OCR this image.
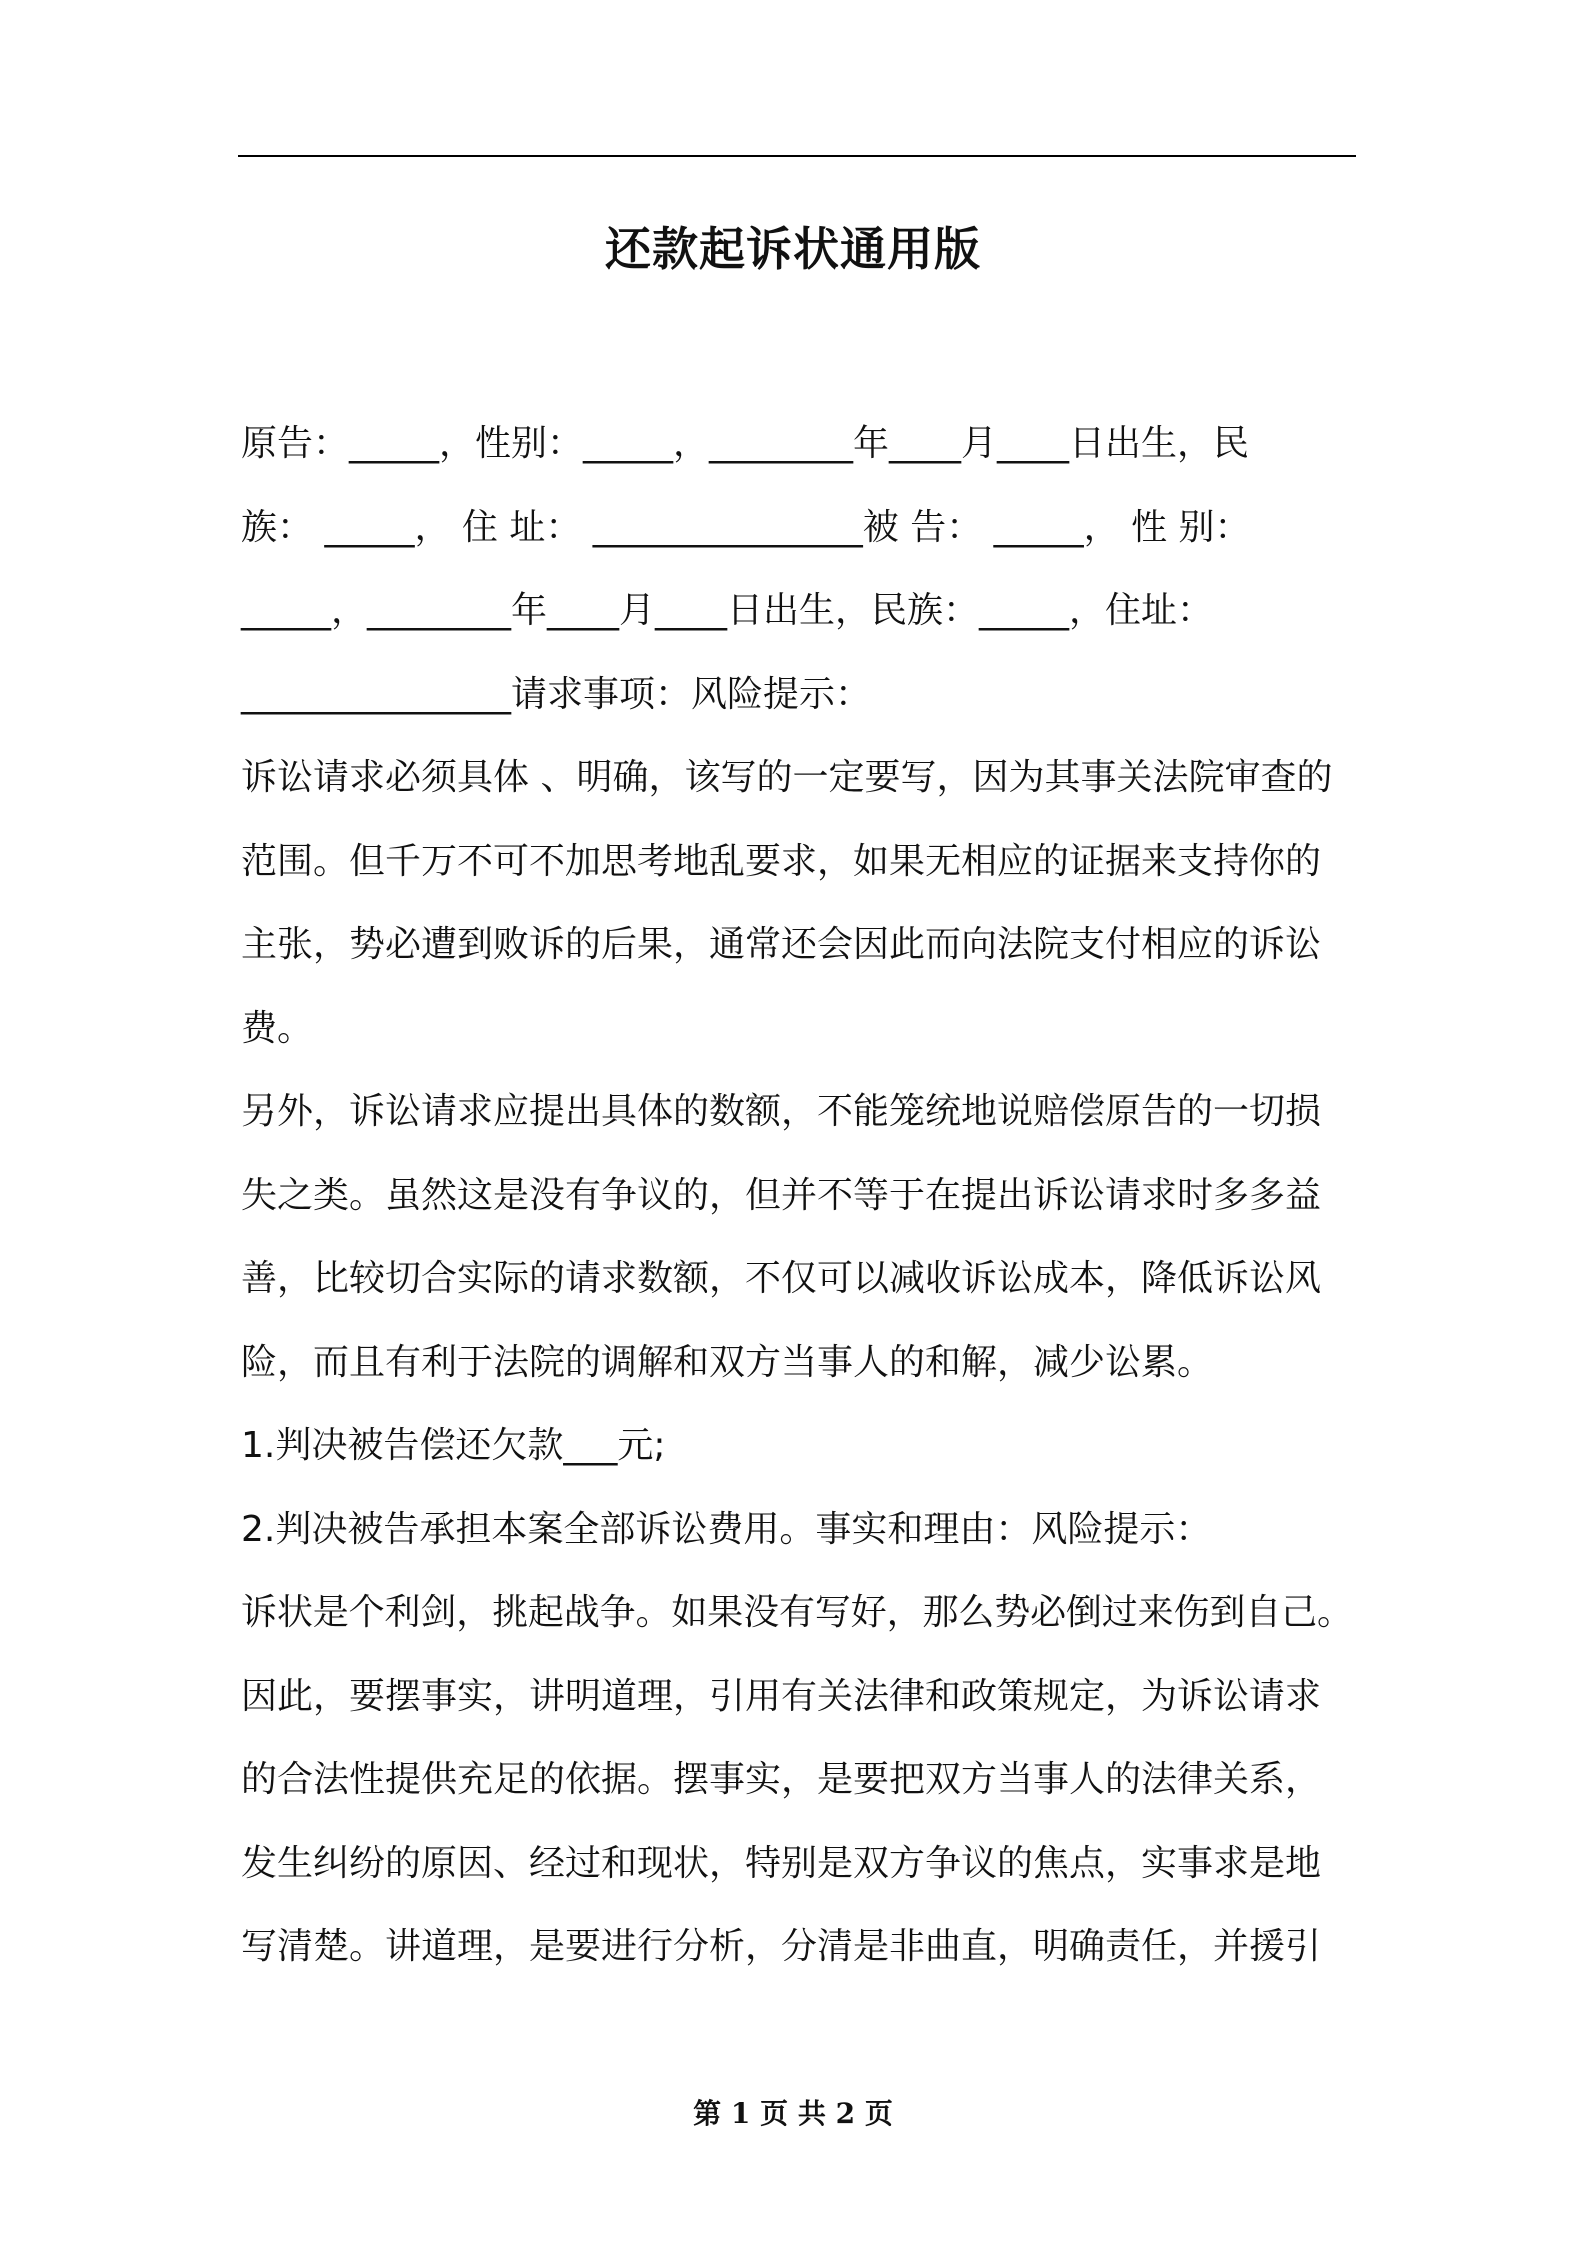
还款起诉状通用版
原告：_____，性别：_____，________年____月____日出生，民
族： _____， 住 址： _______________被 告： _____， 性 别：
_____，________年____月____日出生，民族：_____，住址：
_______________请求事项：风险提示：
诉讼请求必须具体 、明确，该写的一定要写，因为其事关法院审查的
范围。但千万不可不加思考地乱要求，如果无相应的证据来支持你的
主张，势必遭到败诉的后果，通常还会因此而向法院支付相应的诉讼
费。
另外，诉讼请求应提出具体的数额，不能笼统地说赔偿原告的一切损
失之类。虽然这是没有争议的，但并不等于在提出诉讼请求时多多益
善，比较切合实际的请求数额，不仅可以减收诉讼成本，降低诉讼风
险，而且有利于法院的调解和双方当事人的和解，减少讼累。
1.判决被告偿还欠款___元;
2.判决被告承担本案全部诉讼费用。事实和理由：风险提示：
诉状是个利剑，挑起战争。如果没有写好，那么势必倒过来伤到自己。
因此，要摆事实，讲明道理，引用有关法律和政策规定，为诉讼请求
的合法性提供充足的依据。摆事实，是要把双方当事人的法律关系，
发生纠纷的原因、经过和现状，特别是双方争议的焦点，实事求是地
写清楚。讲道理，是要进行分析，分清是非曲直，明确责任，并援引
第 1 页 共 2 页
